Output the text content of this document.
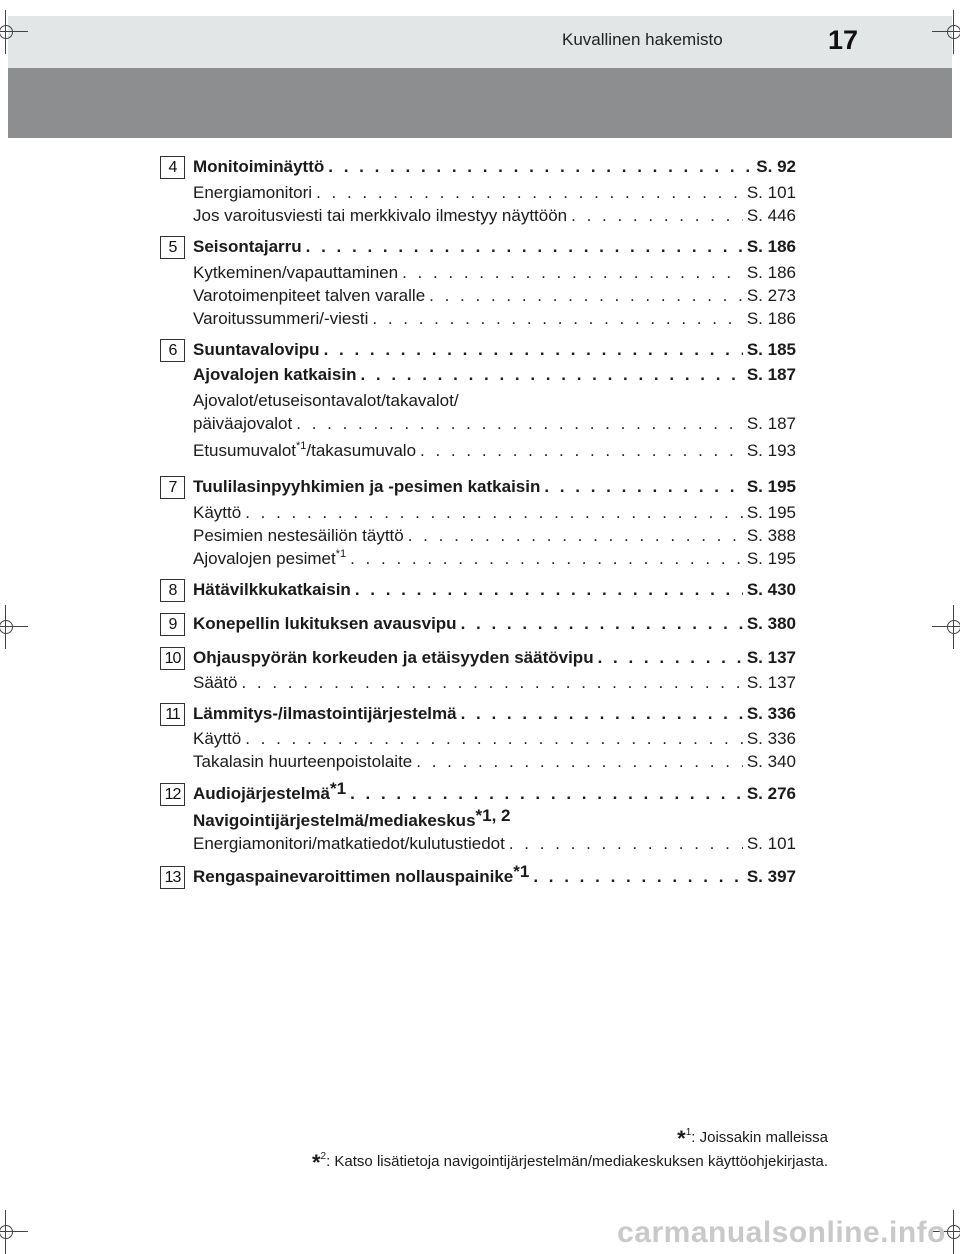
Kuvallinen hakemisto	17
4 Monitoiminäyttö . . .	S. 92
Energiamonitori . . .	S. 101
Jos varoitusviesti tai merkkivalo ilmestyy näyttöön . . .	S. 446
5 Seisontajarru . . .	S. 186
Kytkeminen/vapauttaminen . . .	S. 186
Varotoimenpiteet talven varalle . . .	S. 273
Varoitussummeri/-viesti . . .	S. 186
6 Suuntavalovipu . . .	S. 185
Ajovalojen katkaisin . . .	S. 187
Ajovalot/etuseisontavalot/takavalot/
päiväajovalot . . .	S. 187
Etusumuvalot$^{*1}$/takasumuvalo . . .	S. 193
7 Tuulilasinpyyhkimien ja -pesimen katkaisin . . .	S. 195
Käyttö . . .	S. 195
Pesimien nestesäiliön täyttö . . .	S. 388
Ajovalojen pesimet$^{*1}$ . . .	S. 195
8 Hätävilkkukatkaisin . . .	S. 430
9 Konepellin lukituksen avausvipu . . .	S. 380
10 Ohjauspyörän korkeuden ja etäisyyden säätövipu . . .	S. 137
Säätö . . .	S. 137
11 Lämmitys-/ilmastointijärjestelmä . . .	S. 336
Käyttö . . .	S. 336
Takalasin huurteenpoistolaite . . .	S. 340
12 Audiojärjestelmä$^{*1}$ . . .	S. 276
Navigointijärjestelmä/mediakeskus$^{*1, 2}$
Energiamonitori/matkatiedot/kulutustiedot . . .	S. 101
13 Rengaspainevaroittimen nollauspainike$^{*1}$ . . .	S. 397
*$^1$: Joissakin malleissa
*$^2$: Katso lisätietoja navigointijärjestelmän/mediakeskuksen käyttöohjekirjasta.
carmanualsonline.info
